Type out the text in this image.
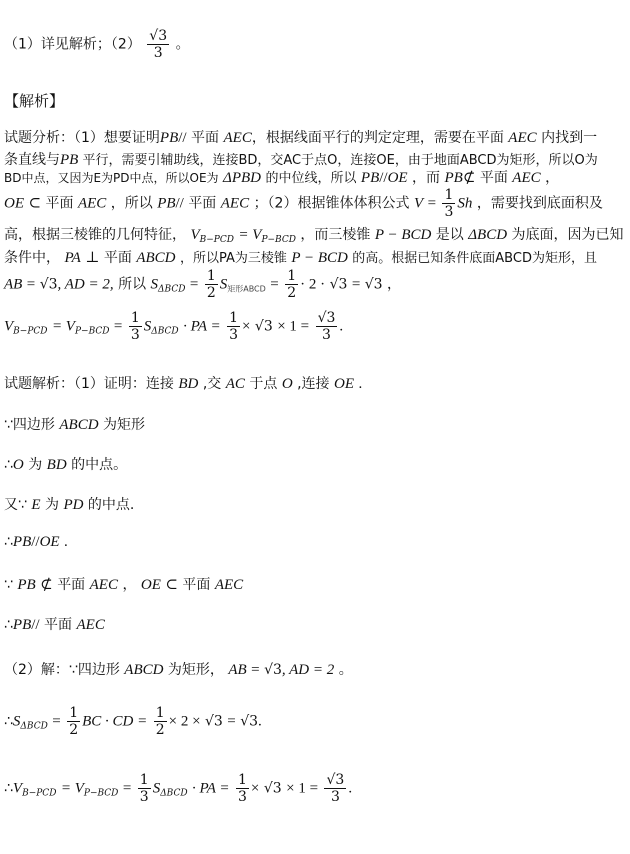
（1）详见解析；$(2) \frac{√3}{3}$ 。
【解析】
试题分析：（1）想要证明PB// 平面 AEC，根据线面平行的判定定理，需要在平面 AEC 内找到一
条直线与PB 平行，需要引辅助线，连接BD，交AC于点O，连接OE，由于地面ABCD为矩形，所以O为
BD中点，又因为E为PD中点，所以OE为 ΔPBD 的中位线，所以 PB//OE ，而 PB⊄ 平面 AEC ，
OE ⊂ 平面 AEC ，所以 PB// 平面 AEC ；（2）根据锥体体积公式 $V = \frac{1}{3}$ Sh ，需要找到底面积及
高，根据三棱锥的几何特征， $V_{B-PCD} = V_{P-BCD}$ ，而三棱锥 P − BCD 是以 ΔBCD 为底面，因为已知
条件中， PA ⊥ 平面 ABCD ，所以PA为三棱锥 P − BCD 的高。根据已知条件底面ABCD为矩形，且
AB = √3, AD = 2, 所以 $S_{\Delta BCD} = \frac{1}{2} S_{矩形ABCD} = \frac{1}{2} \cdot 2 \cdot √3 = √3$ ，
$V_{B-PCD} = V_{P-BCD} = \frac{1}{3} S_{\Delta BCD}$ · PA = $\frac{1}{3} \times √3 \times 1 = \frac{√3}{3}$ .
试题解析：（1）证明：连接 BD ,交 AC 于点 O ,连接 OE .
∵四边形 ABCD 为矩形
∴O 为 BD 的中点。
又∵ E 为 PD 的中点.
∴PB//OE .
∵ PB ⊄ 平面 AEC ， OE ⊂ 平面 AEC
∴PB// 平面 AEC
（2）解：∵四边形 ABCD 为矩形， AB = √3, AD = 2 。
$\therefore S_{\Delta BCD} = \frac{1}{2}$ BC · CD = $\frac{1}{2} \times 2 \times √3 = √3$.
$\therefore V_{B-PCD} = V_{P-BCD} = \frac{1}{3} S_{\Delta BCD}$ · PA = $\frac{1}{3} \times √3 \times 1 = \frac{√3}{3}$ .
